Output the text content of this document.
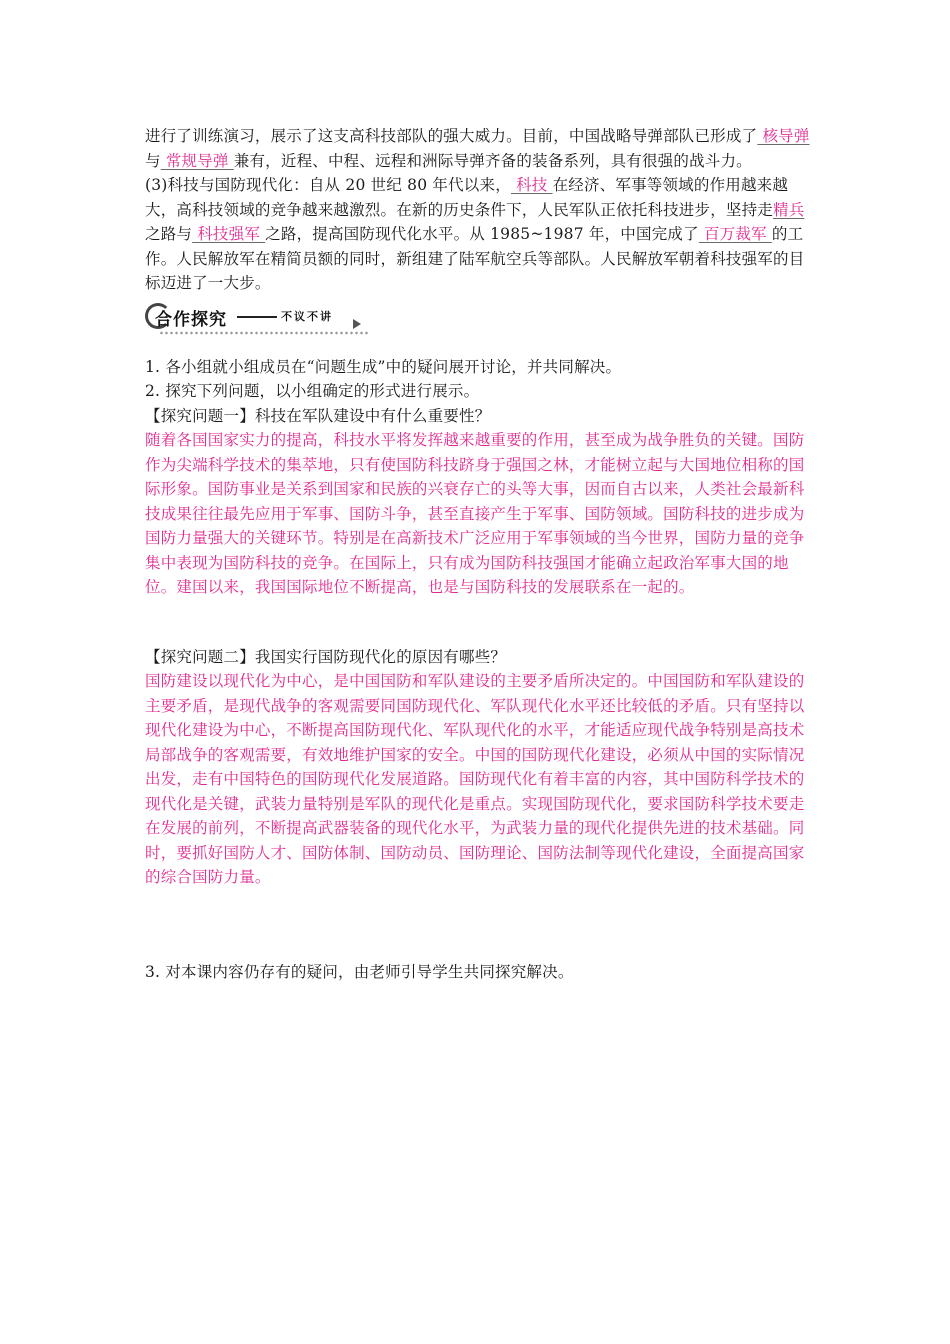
进行了训练演习，展示了这支高科技部队的强大威力。目前，中国战略导弹部队已形成了 核导弹 与 常规导弹 兼有，近程、中程、远程和洲际导弹齐备的装备系列，具有很强的战斗力。

(3)科技与国防现代化：自从 20 世纪 80 年代以来， 科技 在经济、军事等领域的作用越来越大，高科技领域的竞争越来越激烈。在新的历史条件下，人民军队正依托科技进步，坚持走精兵 之路与 科技强军 之路，提高国防现代化水平。从 1985~1987 年，中国完成了 百万裁军 的工作。人民解放军在精简员额的同时，新组建了陆军航空兵等部队。人民解放军朝着科技强军的目标迈进了一大步。

合作探究	不议不讲

1. 各小组就小组成员在“问题生成”中的疑问展开讨论，并共同解决。

2. 探究下列问题，以小组确定的形式进行展示。

【探究问题一】科技在军队建设中有什么重要性？

随着各国国家实力的提高，科技水平将发挥越来越重要的作用，甚至成为战争胜负的关键。国防作为尖端科学技术的集萃地，只有使国防科技跻身于强国之林，才能树立起与大国地位相称的国际形象。国防事业是关系到国家和民族的兴衰存亡的头等大事，因而自古以来，人类社会最新科技成果往往最先应用于军事、国防斗争，甚至直接产生于军事、国防领域。国防科技的进步成为国防力量强大的关键环节。特别是在高新技术广泛应用于军事领域的当今世界，国防力量的竞争集中表现为国防科技的竞争。在国际上，只有成为国防科技强国才能确立起政治军事大国的地位。建国以来，我国国际地位不断提高，也是与国防科技的发展联系在一起的。

【探究问题二】我国实行国防现代化的原因有哪些？

国防建设以现代化为中心，是中国国防和军队建设的主要矛盾所决定的。中国国防和军队建设的主要矛盾，是现代战争的客观需要同国防现代化、军队现代化水平还比较低的矛盾。只有坚持以现代化建设为中心，不断提高国防现代化、军队现代化的水平，才能适应现代战争特别是高技术局部战争的客观需要，有效地维护国家的安全。中国的国防现代化建设，必须从中国的实际情况出发，走有中国特色的国防现代化发展道路。国防现代化有着丰富的内容，其中国防科学技术的现代化是关键，武装力量特别是军队的现代化是重点。实现国防现代化，要求国防科学技术要走在发展的前列，不断提高武器装备的现代化水平，为武装力量的现代化提供先进的技术基础。同时，要抓好国防人才、国防体制、国防动员、国防理论、国防法制等现代化建设，全面提高国家的综合国防力量。

3. 对本课内容仍存有的疑问，由老师引导学生共同探究解决。
